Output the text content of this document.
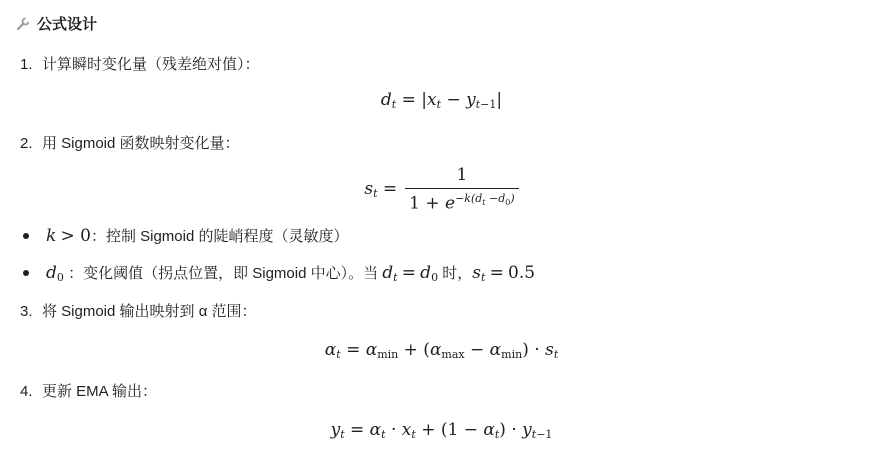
公式设计
1. 计算瞬时变化量（残差绝对值）：
$d_t = |x_t - y_{t-1}|$
2. 用 Sigmoid 函数映射变化量：
$s_t = \frac{1}{1 + e^{-k(d_t -d_0)}}$
k > 0：控制 Sigmoid 的陡峭程度（灵敏度）
$d_0$ ：变化阈值（拐点位置，即 Sigmoid 中心）。当 $d_t = d_0$ 时，$s_t = 0.5$
3. 将 Sigmoid 输出映射到 α 范围：
$\alpha_t = \alpha_{min} + (\alpha_{max} - \alpha_{min}) \cdot s_t$
4. 更新 EMA 输出：
$y_t = \alpha_t \cdot x_t + (1 - \alpha_t) \cdot y_{t-1}$
